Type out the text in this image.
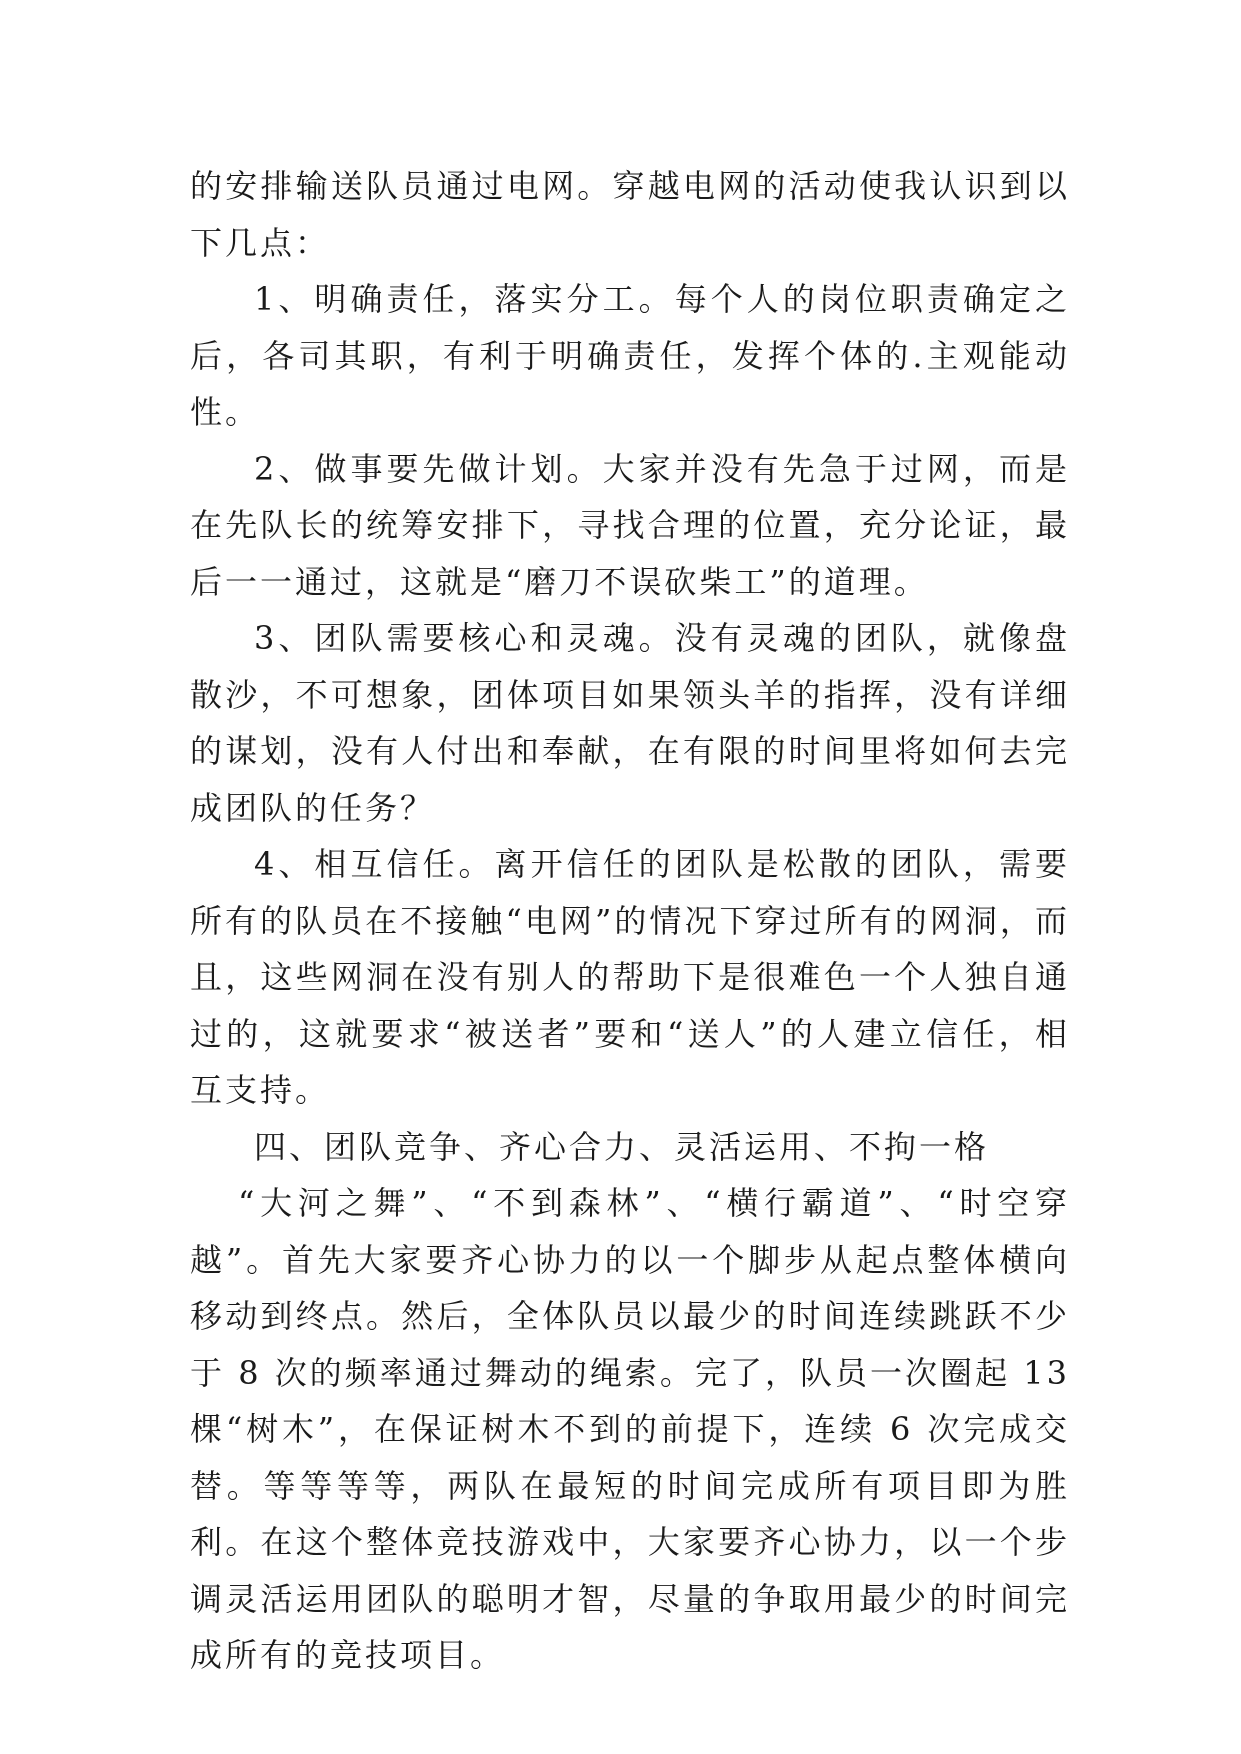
的安排输送队员通过电网。穿越电网的活动使我认识到以下几点：

1、明确责任，落实分工。每个人的岗位职责确定之后，各司其职，有利于明确责任，发挥个体的.主观能动性。

2、做事要先做计划。大家并没有先急于过网，而是在先队长的统筹安排下，寻找合理的位置，充分论证，最后一一通过，这就是“磨刀不误砍柴工”的道理。

3、团队需要核心和灵魂。没有灵魂的团队，就像盘散沙，不可想象，团体项目如果领头羊的指挥，没有详细的谋划，没有人付出和奉献，在有限的时间里将如何去完成团队的任务？

4、相互信任。离开信任的团队是松散的团队，需要所有的队员在不接触“电网”的情况下穿过所有的网洞，而且，这些网洞在没有别人的帮助下是很难色一个人独自通过的，这就要求“被送者”要和“送人”的人建立信任，相互支持。

四、团队竞争、齐心合力、灵活运用、不拘一格

“大河之舞”、“不到森林”、“横行霸道”、“时空穿越”。首先大家要齐心协力的以一个脚步从起点整体横向移动到终点。然后，全体队员以最少的时间连续跳跃不少于 8 次的频率通过舞动的绳索。完了，队员一次圈起 13 棵“树木”，在保证树木不到的前提下，连续 6 次完成交替。等等等等，两队在最短的时间完成所有项目即为胜利。在这个整体竞技游戏中，大家要齐心协力，以一个步调灵活运用团队的聪明才智，尽量的争取用最少的时间完成所有的竞技项目。
